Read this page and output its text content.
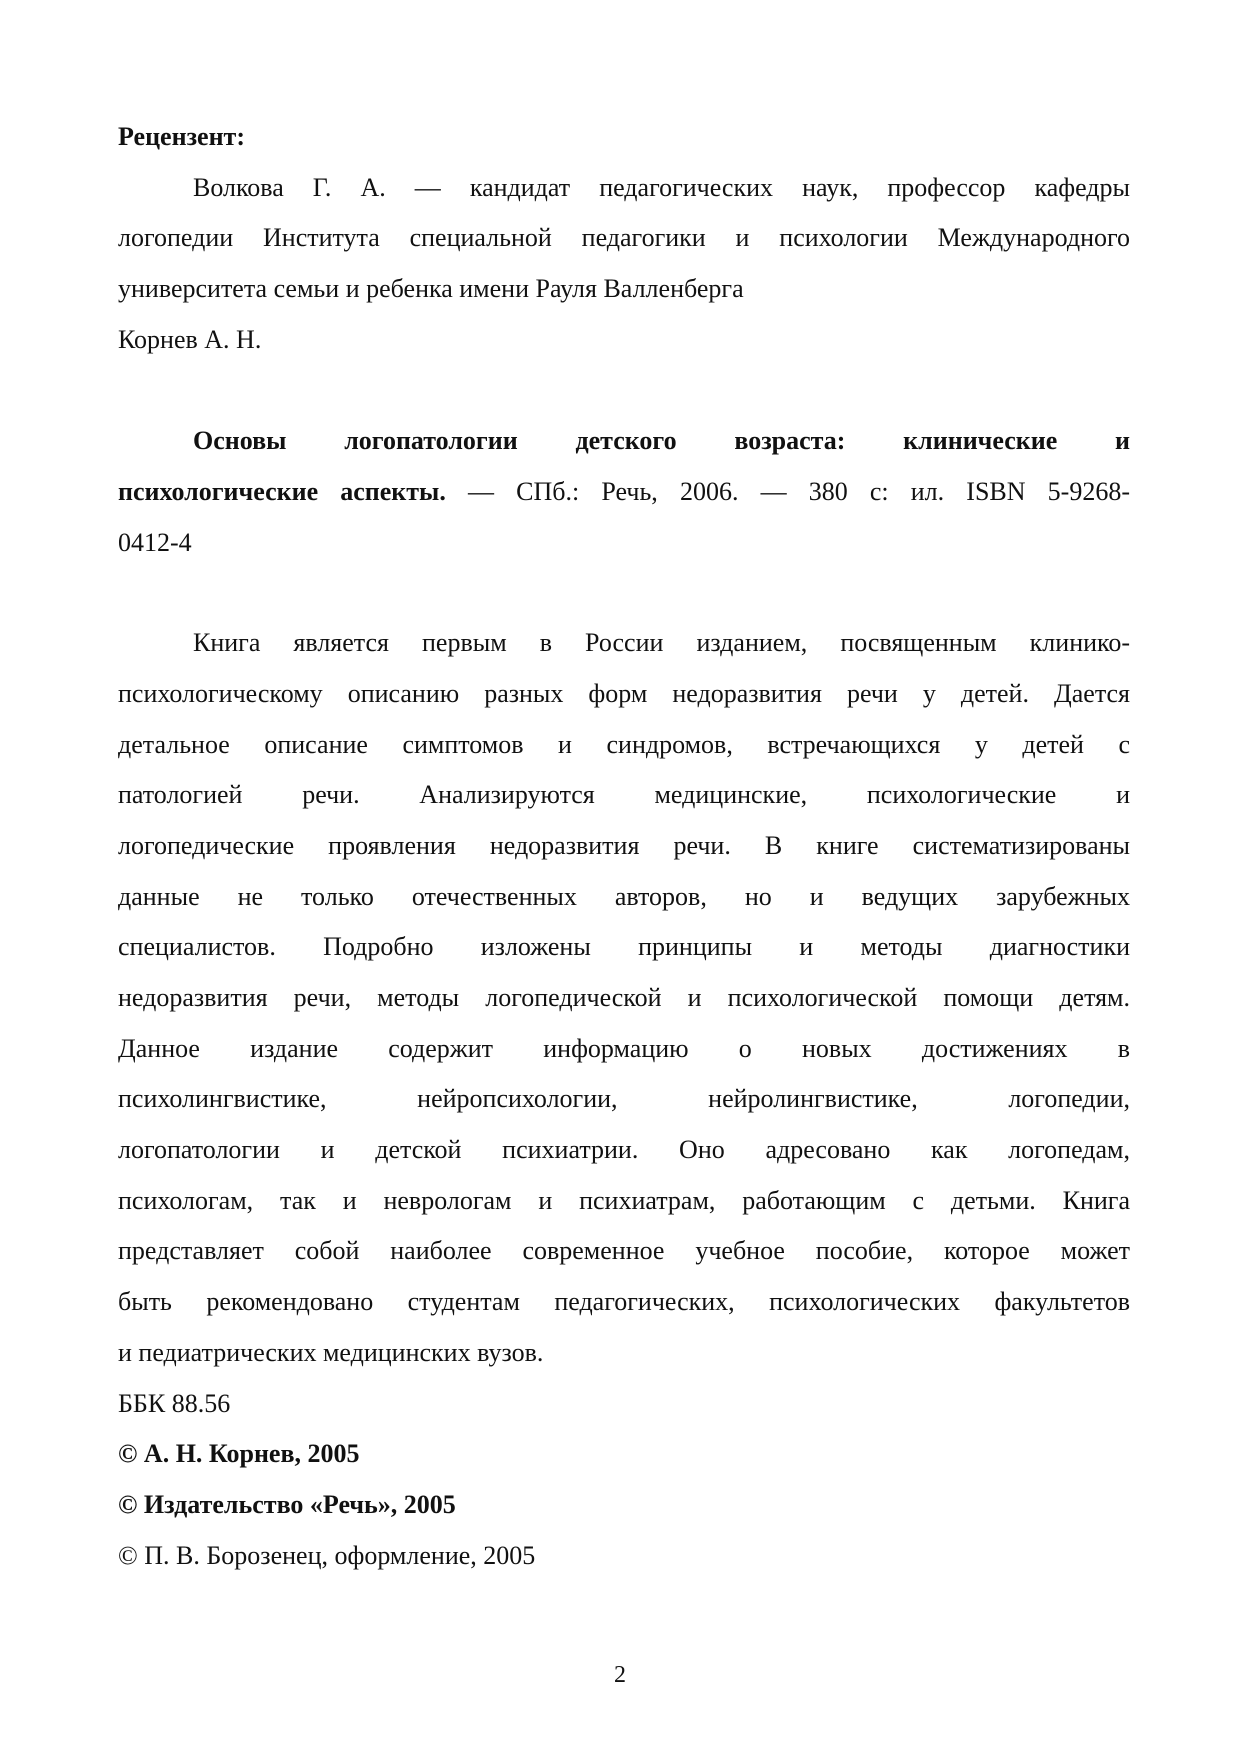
Рецензент:
Волкова Г. А. — кандидат педагогических наук, профессор кафедры
логопедии Института специальной педагогики и психологии Международного
университета семьи и ребенка имени Рауля Валленберга
Корнев А. Н.
Основы логопатологии детского возраста: клинические и
психологические аспекты. — СПб.: Речь, 2006. — 380 с: ил. ISBN 5-9268-
0412-4
Книга является первым в России изданием, посвященным клинико-
психологическому описанию разных форм недоразвития речи у детей. Дается
детальное описание симптомов и синдромов, встречающихся у детей с
патологией речи. Анализируются медицинские, психологические и
логопедические проявления недоразвития речи. В книге систематизированы
данные не только отечественных авторов, но и ведущих зарубежных
специалистов. Подробно изложены принципы и методы диагностики
недоразвития речи, методы логопедической и психологической помощи детям.
Данное издание содержит информацию о новых достижениях в
психолингвистике, нейропсихологии, нейролингвистике, логопедии,
логопатологии и детской психиатрии. Оно адресовано как логопедам,
психологам, так и неврологам и психиатрам, работающим с детьми. Книга
представляет собой наиболее современное учебное пособие, которое может
быть рекомендовано студентам педагогических, психологических факультетов
и педиатрических медицинских вузов.
ББК 88.56
© А. Н. Корнев, 2005
© Издательство «Речь», 2005
© П. В. Борозенец, оформление, 2005
2
